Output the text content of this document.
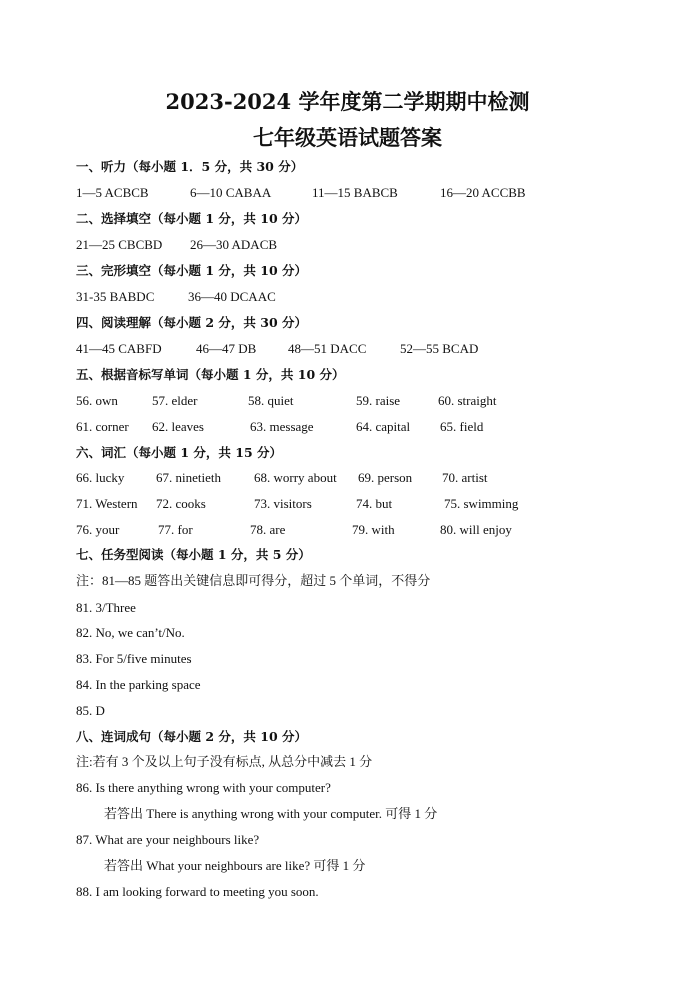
2023-2024 学年度第二学期期中检测
七年级英语试题答案
一、听力（每小题 1．5 分，共 30 分）
1—5 ACBCB	6—10 CABAA	11—15 BABCB	16—20 ACCBB
二、选择填空（每小题 1 分，共 10 分）
21—25 CBCBD 26—30 ADACB
三、完形填空（每小题 1 分，共 10 分）
31-35 BABDC	36—40 DCAAC
四、阅读理解（每小题 2 分，共 30 分）
41—45 CABFD	46—47 DB 48—51 DACC	52—55 BCAD
五、根据音标写单词（每小题 1 分，共 10 分）
56. own	57. elder	58. quiet	59. raise	60. straight
61. corner 62. leaves	63. message	64. capital 65. field
六、词汇（每小题 1 分，共 15 分）
66. lucky 67. ninetieth	68. worry about 69. person 70. artist
71. Western 72. cooks	73. visitors	74. but	75. swimming
76. your	77. for	78. are	79. with	80. will enjoy
七、任务型阅读（每小题 1 分，共 5 分）
注：81—85 题答出关键信息即可得分，超过 5 个单词，不得分
81. 3/Three
82. No, we can’t/No.
83. For 5/five minutes
84. In the parking space
85. D
八、连词成句（每小题 2 分，共 10 分）
注:若有 3 个及以上句子没有标点, 从总分中减去 1 分
86. Is there anything wrong with your computer?
若答出 There is anything wrong with your computer. 可得 1 分
87. What are your neighbours like?
若答出 What your neighbours are like? 可得 1 分
88. I am looking forward to meeting you soon.
